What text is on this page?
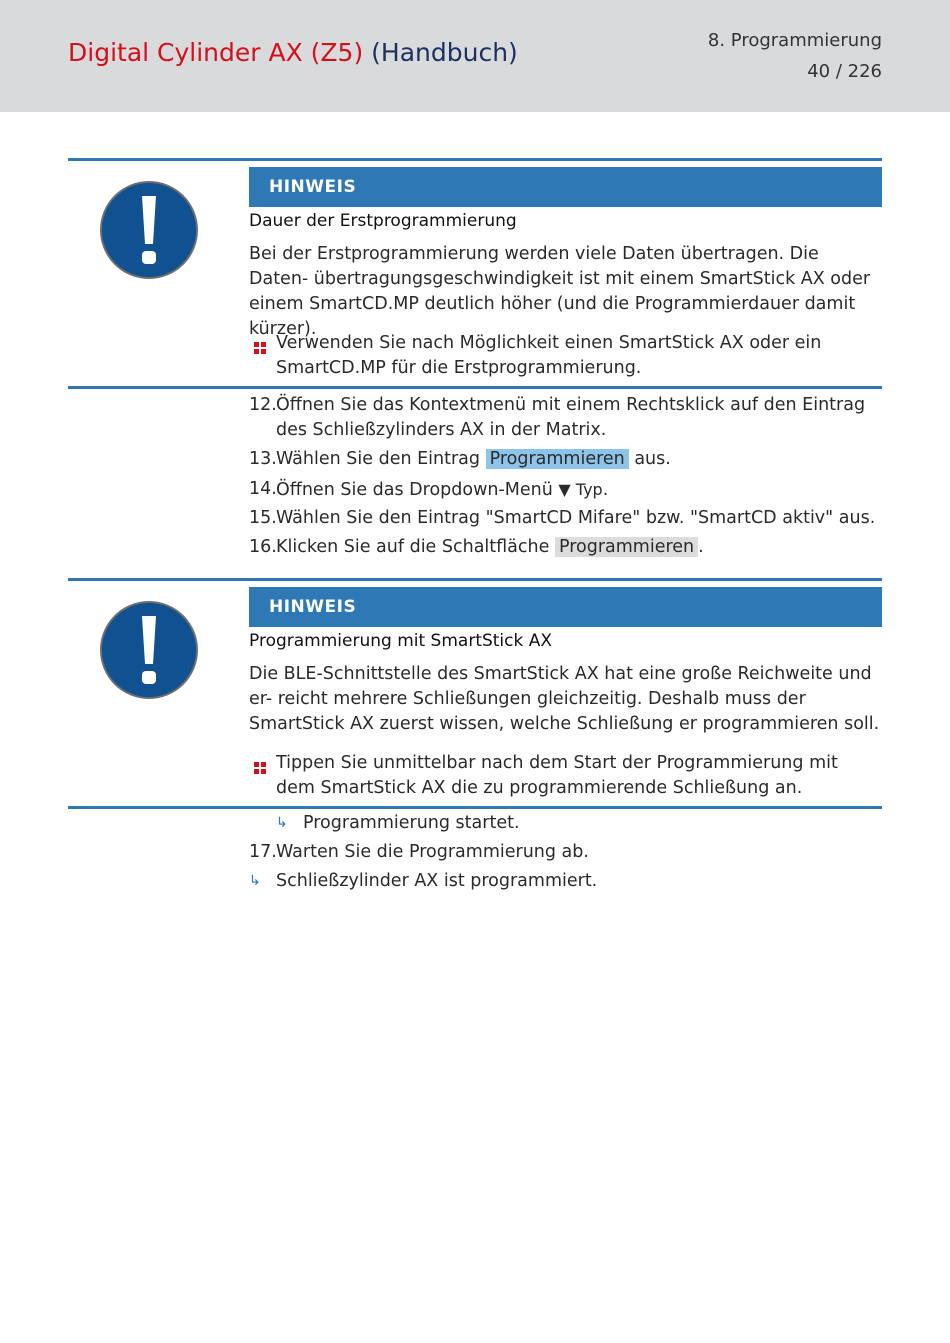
Digital Cylinder AX (Z5) (Handbuch)	8. Programmierung
40 / 226
HINWEIS
Dauer der Erstprogrammierung
Bei der Erstprogrammierung werden viele Daten übertragen. Die Daten- übertragungsgeschwindigkeit ist mit einem SmartStick AX oder einem SmartCD.MP deutlich höher (und die Programmierdauer damit kürzer).
Verwenden Sie nach Möglichkeit einen SmartStick AX oder ein SmartCD.MP für die Erstprogrammierung.
12. Öffnen Sie das Kontextmenü mit einem Rechtsklick auf den Eintrag des Schließzylinders AX in der Matrix.
13. Wählen Sie den Eintrag Programmieren aus.
14. Öffnen Sie das Dropdown-Menü ▼ Typ.
15. Wählen Sie den Eintrag "SmartCD Mifare" bzw. "SmartCD aktiv" aus.
16. Klicken Sie auf die Schaltfläche Programmieren .
HINWEIS
Programmierung mit SmartStick AX
Die BLE-Schnittstelle des SmartStick AX hat eine große Reichweite und er- reicht mehrere Schließungen gleichzeitig. Deshalb muss der SmartStick AX zuerst wissen, welche Schließung er programmieren soll.
Tippen Sie unmittelbar nach dem Start der Programmierung mit dem SmartStick AX die zu programmierende Schließung an.
↳ Programmierung startet.
17. Warten Sie die Programmierung ab.
↳ Schließzylinder AX ist programmiert.
